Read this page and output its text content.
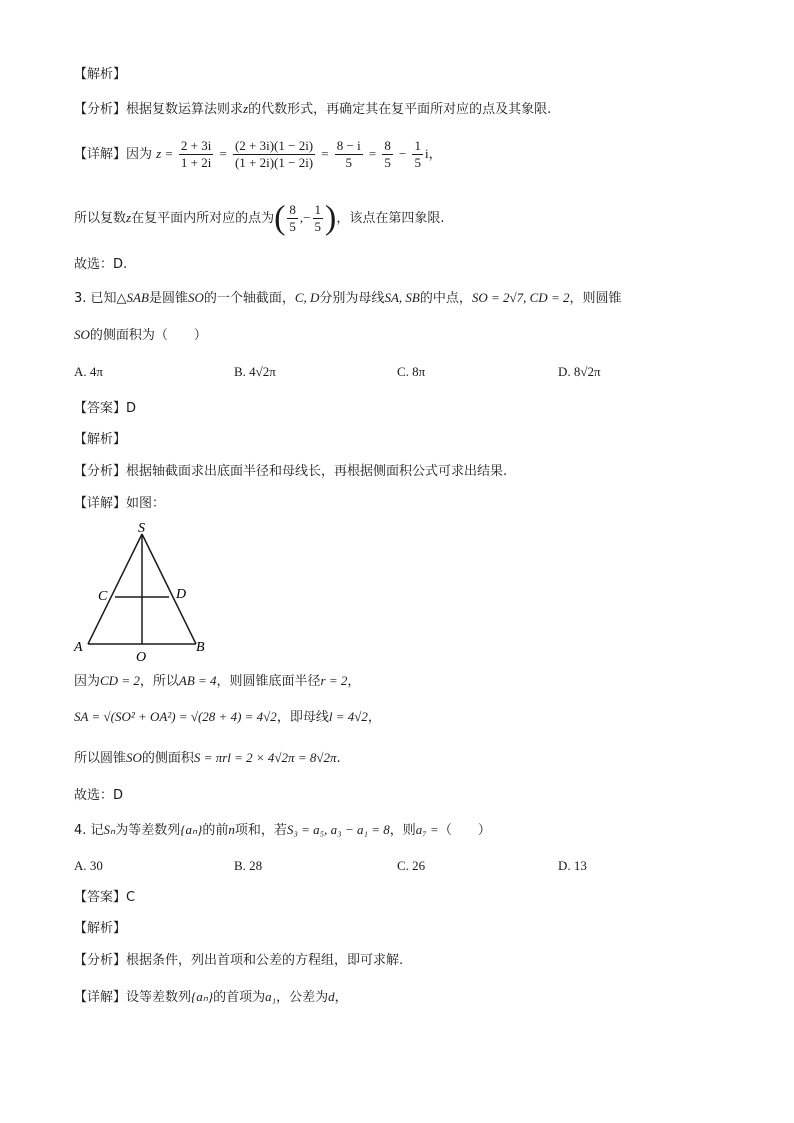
【解析】
【分析】根据复数运算法则求z的代数形式，再确定其在复平面所对应的点及其象限.
【详解】因为 $z = \frac{2 + 3i}{1 + 2i} = \frac{(2 + 3i)(1 - 2i)}{(1 + 2i)(1 - 2i)} = \frac{8 - i}{5} = \frac{8}{5} - \frac{1}{5}$ i，
所以复数z在复平面内所对应的点为( $\frac{8}{5}$ ,− $\frac{1}{5}$ )，该点在第四象限.
故选：D.
3. 已知△SAB是圆锥SO的一个轴截面，C, D分别为母线SA, SB的中点，SO = 2√7, CD = 2，则圆锥
SO的侧面积为（　　）
A. 4π	B. 4√2π	C. 8π	D. 8√2π
【答案】D
【解析】
【分析】根据轴截面求出底面半径和母线长，再根据侧面积公式可求出结果.
【详解】如图：
S
C	D
A	B
O
因为CD = 2，所以AB = 4，则圆锥底面半径r = 2，
SA = √(SO² + OA²) = √(28 + 4) = 4√2，即母线l = 4√2，
所以圆锥SO的侧面积S = πrl = 2 × 4√2π = 8√2π.
故选：D
4. 记Sₙ为等差数列{aₙ}的前n项和，若S₃ = a₅, a₃ − a₁ = 8，则a₇ =（　　）
A. 30	B. 28	C. 26	D. 13
【答案】C
【解析】
【分析】根据条件，列出首项和公差的方程组，即可求解.
【详解】设等差数列{aₙ}的首项为a₁，公差为d，
